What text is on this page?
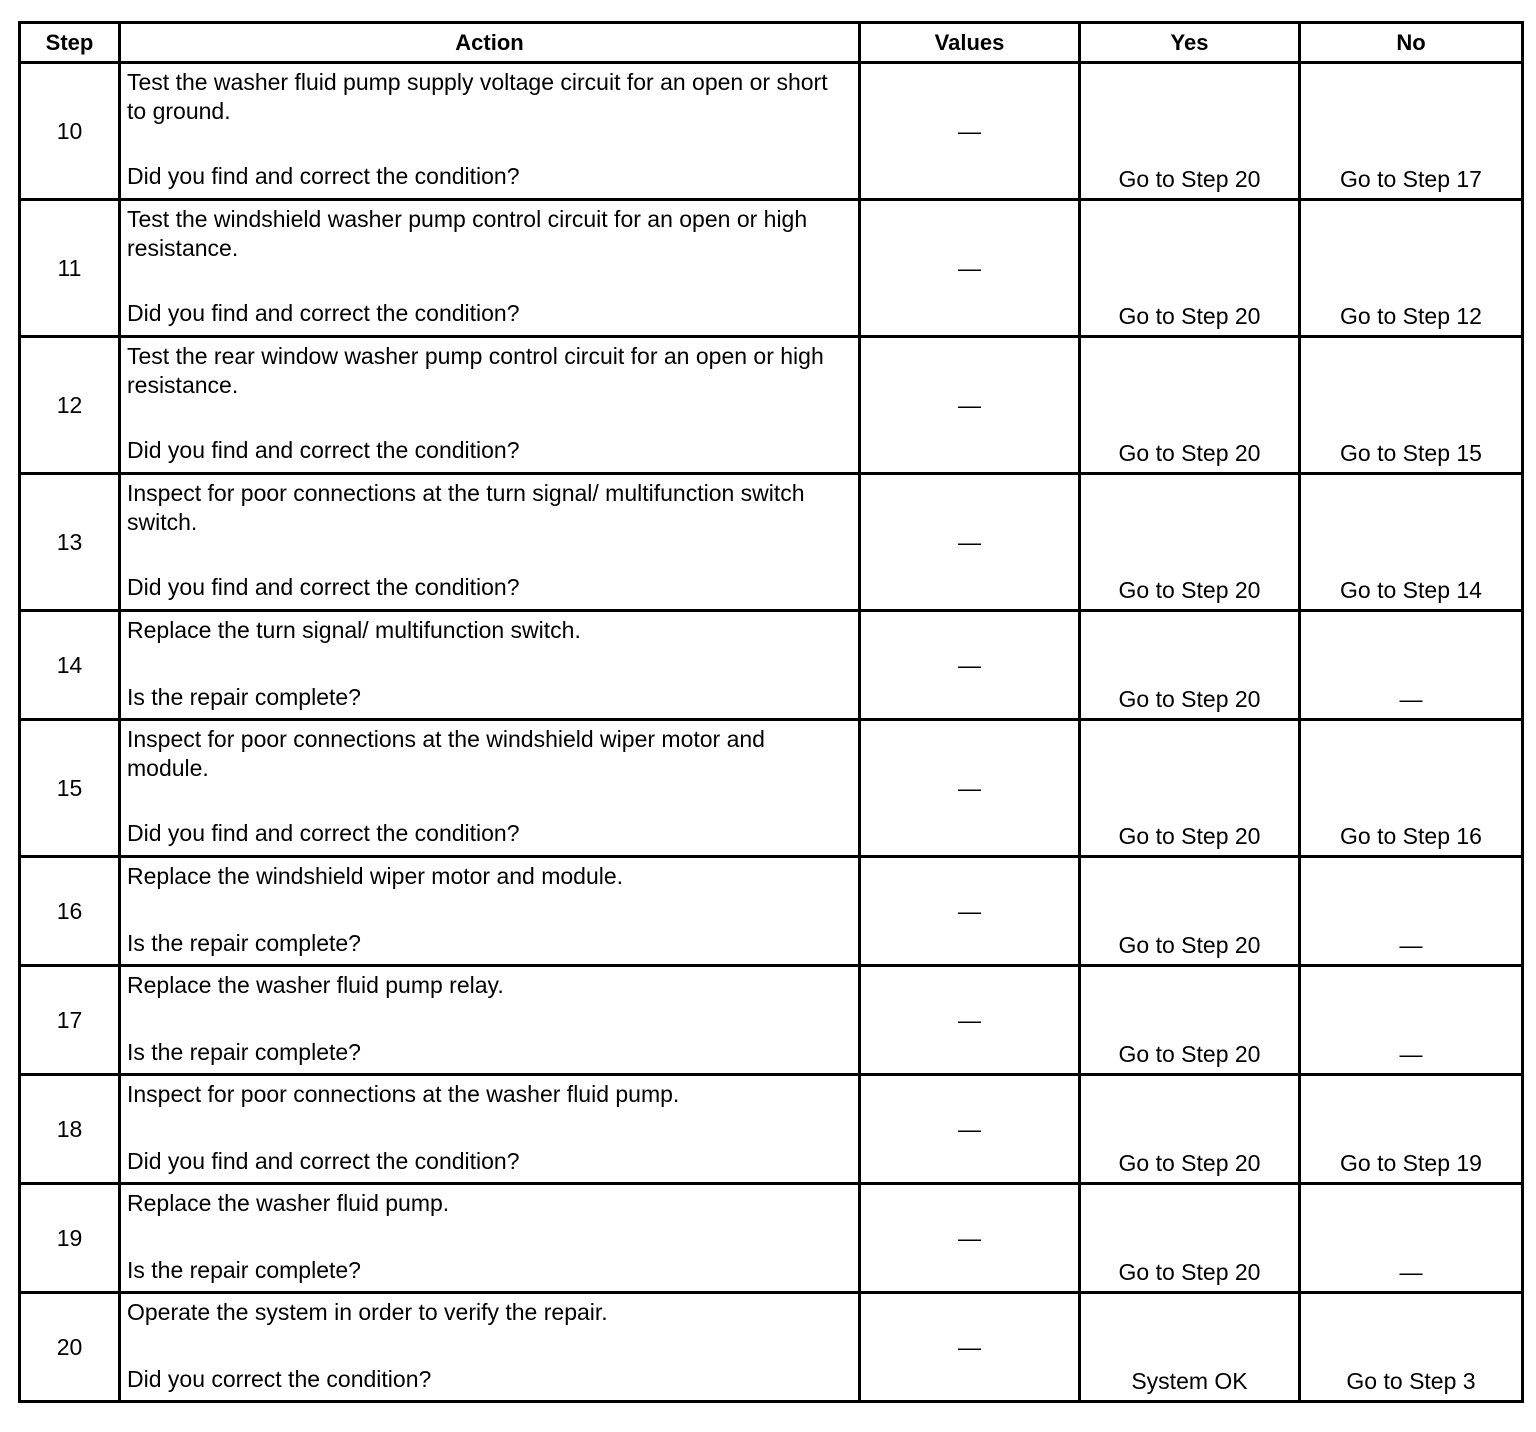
Step	Action	Values	Yes	No
10	Test the washer fluid pump supply voltage circuit for an open or short to ground.
Did you find and correct the condition?	—	Go to Step 20	Go to Step 17
11	Test the windshield washer pump control circuit for an open or high resistance.
Did you find and correct the condition?	—	Go to Step 20	Go to Step 12
12	Test the rear window washer pump control circuit for an open or high resistance.
Did you find and correct the condition?	—	Go to Step 20	Go to Step 15
13	Inspect for poor connections at the turn signal/ multifunction switch switch.
Did you find and correct the condition?	—	Go to Step 20	Go to Step 14
14	Replace the turn signal/ multifunction switch.
Is the repair complete?	—	Go to Step 20	—
15	Inspect for poor connections at the windshield wiper motor and module.
Did you find and correct the condition?	—	Go to Step 20	Go to Step 16
16	Replace the windshield wiper motor and module.
Is the repair complete?	—	Go to Step 20	—
17	Replace the washer fluid pump relay.
Is the repair complete?	—	Go to Step 20	—
18	Inspect for poor connections at the washer fluid pump.
Did you find and correct the condition?	—	Go to Step 20	Go to Step 19
19	Replace the washer fluid pump.
Is the repair complete?	—	Go to Step 20	—
20	Operate the system in order to verify the repair.
Did you correct the condition?	—	System OK	Go to Step 3
